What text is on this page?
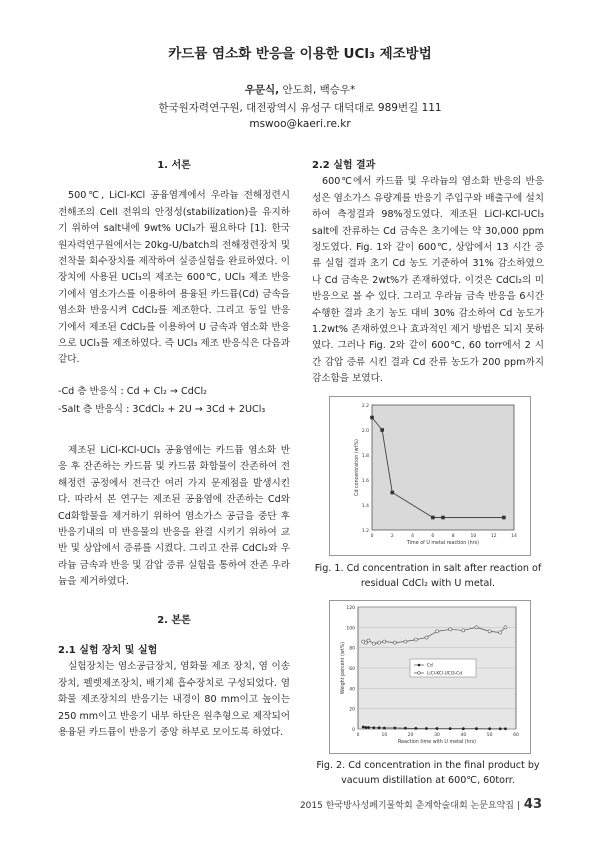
카드뮴 염소화 반응을 이용한 UCl₃ 제조방법
우문식, 안도희, 백승우*
한국원자력연구원, 대전광역시 유성구 대덕대로 989번길 111
mswoo@kaeri.re.kr
1. 서론

500℃, LiCl-KCl 공융염계에서 우라늄 전해정련시 전해조의 Cell 전위의 안정성(stabilization)을 유지하기 위하여 salt내에 9wt% UCl₃가 필요하다 [1]. 한국원자력연구원에서는 20kg-U/batch의 전해정련장치 및 전착물 회수장치를 제작하여 실증실험을 완료하였다. 이 장치에 사용된 UCl₃의 제조는 600℃, UCl₃ 제조 반응기에서 염소가스를 이용하여 용융된 카드뮴(Cd) 금속을 염소화 반응시켜 CdCl₂를 제조한다. 그리고 동일 반응기에서 제조된 CdCl₂를 이용하여 U 금속과 염소화 반응으로 UCl₃를 제조하였다. 즉 UCl₃ 제조 반응식은 다음과 같다.

-Cd 층 반응식 : Cd + Cl₂ → CdCl₂
-Salt 층 반응식 : 3CdCl₂ + 2U → 3Cd + 2UCl₃

제조된 LiCl-KCl-UCl₃ 공융염에는 카드뮴 염소화 반응 후 잔존하는 카드뮴 및 카드뮴 화합물이 잔존하여 전해정련 공정에서 전극간 여러 가지 문제점을 발생시킨다. 따라서 본 연구는 제조된 공융염에 잔존하는 Cd와 Cd화합물을 제거하기 위하여 염소가스 공급을 중단 후 반응기내의 미 반응물의 반응을 완결 시키기 위하여 교반 및 상압에서 증류를 시켰다. 그리고 잔류 CdCl₂와 우라늄 금속과 반응 및 감압 증류 실험을 통하여 잔존 우라늄을 제거하였다.

2. 본론
2.1 실험 장치 및 실험

실험장치는 염소공급장치, 염화물 제조 장치, 염 이송장치, 펠렛제조장치, 배기체 흡수장치로 구성되었다. 염화물 제조장치의 반응기는 내경이 80 mm이고 높이는 250 mm이고 반응기 내부 하단은 원추형으로 제작되어 용융된 카드뮴이 반응기 중앙 하부로 모이도록 하였다.

2.2 실험 결과

600℃에서 카드뮴 및 우라늄의 염소화 반응의 반응성은 염소가스 유량계를 반응기 주입구와 배출구에 설치하여 측정결과 98%정도였다. 제조된 LiCl-KCl-UCl₃ salt에 잔류하는 Cd 금속은 초기에는 약 30,000 ppm 정도였다. Fig. 1와 같이 600℃, 상압에서 13 시간 증류 실험 결과 초기 Cd 농도 기준하여 31% 감소하였으나 Cd 금속은 2wt%가 존재하였다. 이것은 CdCl₂의 미 반응으로 볼 수 있다. 그리고 우라늄 금속 반응을 6시간 수행한 결과 초기 농도 대비 30% 감소하여 Cd 농도가 1.2wt% 존재하였으나 효과적인 제거 방법은 되지 못하였다. 그러나 Fig. 2와 같이 600℃, 60 torr에서 2 시간 감압 증류 시킨 결과 Cd 잔류 농도가 200 ppm까지 감소함을 보였다.

1.2
1.4
1.6
1.8
2.0
2.2
0	2	4	6	8	10	12	14
Time of U metal reaction (hrs)
Cd concentration (wt%)
Fig. 1. Cd concentration in salt after reaction of residual CdCl₂ with U metal.
0
20
40
60
80
100
120
0	10	20	30	40	50	60
Reaction time with U metal (hrs)
Weight percent (wt%)	Cd
LiCl-KCl-UCl3-Cd
Fig. 2. Cd concentration in the final product by vacuum distillation at 600℃, 60torr.
2015 한국방사성폐기물학회 춘계학술대회 논문요약집 | 43
